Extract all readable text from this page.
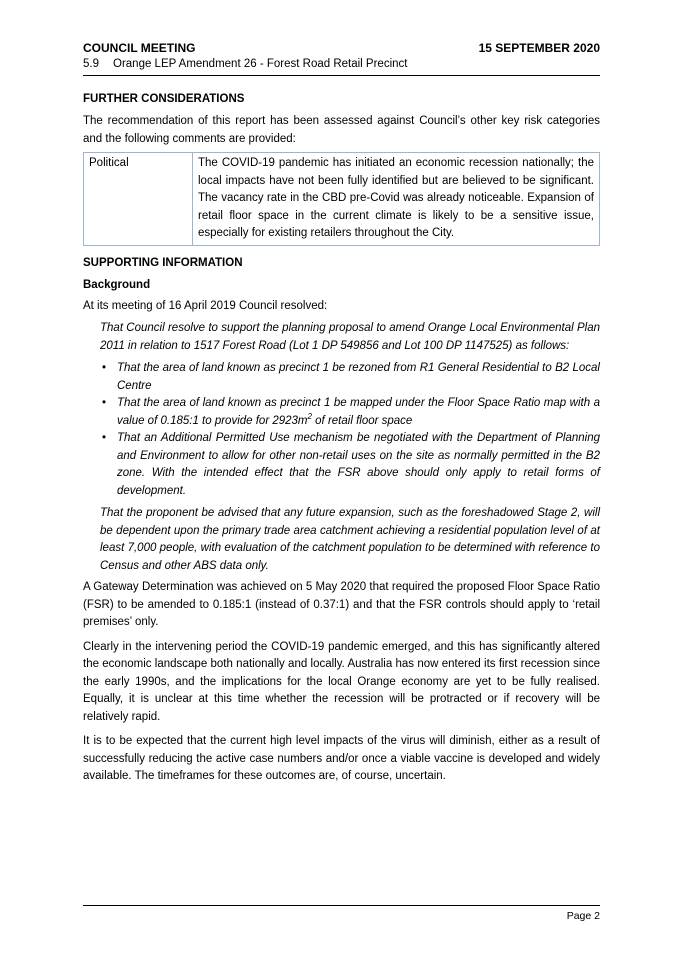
COUNCIL MEETING	15 SEPTEMBER 2020
5.9 Orange LEP Amendment 26 - Forest Road Retail Precinct
FURTHER CONSIDERATIONS

The recommendation of this report has been assessed against Council’s other key risk categories and the following comments are provided:

Political	The COVID-19 pandemic has initiated an economic recession nationally; the local impacts have not been fully identified but are believed to be significant. The vacancy rate in the CBD pre-Covid was already noticeable. Expansion of retail floor space in the current climate is likely to be a sensitive issue, especially for existing retailers throughout the City.
SUPPORTING INFORMATION
Background

At its meeting of 16 April 2019 Council resolved:

That Council resolve to support the planning proposal to amend Orange Local Environmental Plan 2011 in relation to 1517 Forest Road (Lot 1 DP 549856 and Lot 100 DP 1147525) as follows:

• That the area of land known as precinct 1 be rezoned from R1 General Residential to B2 Local Centre
• That the area of land known as precinct 1 be mapped under the Floor Space Ratio map with a value of 0.185:1 to provide for $2923m^2$ of retail floor space
• That an Additional Permitted Use mechanism be negotiated with the Department of Planning and Environment to allow for other non-retail uses on the site as normally permitted in the B2 zone. With the intended effect that the FSR above should only apply to retail forms of development.

That the proponent be advised that any future expansion, such as the foreshadowed Stage 2, will be dependent upon the primary trade area catchment achieving a residential population level of at least 7,000 people, with evaluation of the catchment population to be determined with reference to Census and other ABS data only.

A Gateway Determination was achieved on 5 May 2020 that required the proposed Floor Space Ratio (FSR) to be amended to 0.185:1 (instead of 0.37:1) and that the FSR controls should apply to ‘retail premises’ only.

Clearly in the intervening period the COVID-19 pandemic emerged, and this has significantly altered the economic landscape both nationally and locally. Australia has now entered its first recession since the early 1990s, and the implications for the local Orange economy are yet to be fully realised. Equally, it is unclear at this time whether the recession will be protracted or if recovery will be relatively rapid.

It is to be expected that the current high level impacts of the virus will diminish, either as a result of successfully reducing the active case numbers and/or once a viable vaccine is developed and widely available. The timeframes for these outcomes are, of course, uncertain.

Page 2
